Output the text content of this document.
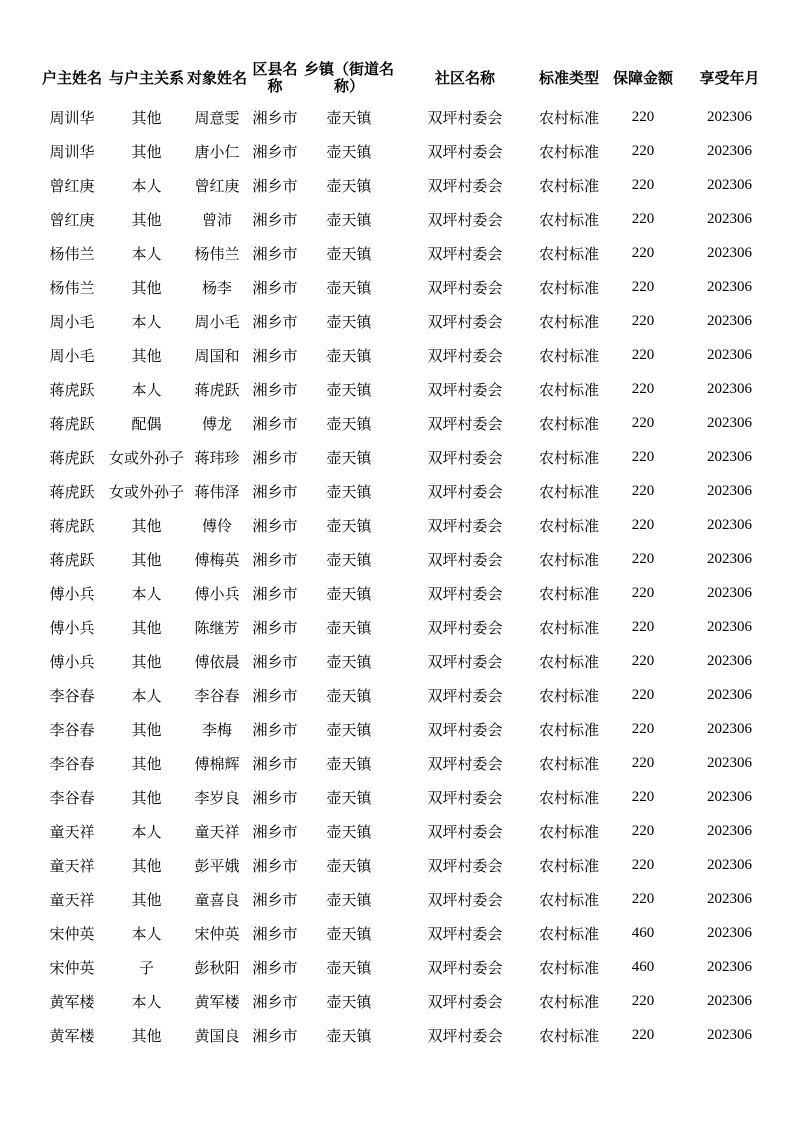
户主姓名	与户主关系	对象姓名	区县名称	乡镇（街道名称）	社区名称	标准类型	保障金额	享受年月
周训华	其他	周意雯	湘乡市	壶天镇	双坪村委会	农村标准	220	202306
周训华	其他	唐小仁	湘乡市	壶天镇	双坪村委会	农村标准	220	202306
曾红庚	本人	曾红庚	湘乡市	壶天镇	双坪村委会	农村标准	220	202306
曾红庚	其他	曾沛	湘乡市	壶天镇	双坪村委会	农村标准	220	202306
杨伟兰	本人	杨伟兰	湘乡市	壶天镇	双坪村委会	农村标准	220	202306
杨伟兰	其他	杨李	湘乡市	壶天镇	双坪村委会	农村标准	220	202306
周小毛	本人	周小毛	湘乡市	壶天镇	双坪村委会	农村标准	220	202306
周小毛	其他	周国和	湘乡市	壶天镇	双坪村委会	农村标准	220	202306
蒋虎跃	本人	蒋虎跃	湘乡市	壶天镇	双坪村委会	农村标准	220	202306
蒋虎跃	配偶	傅龙	湘乡市	壶天镇	双坪村委会	农村标准	220	202306
蒋虎跃	女或外孙子	蒋玮珍	湘乡市	壶天镇	双坪村委会	农村标准	220	202306
蒋虎跃	女或外孙子	蒋伟泽	湘乡市	壶天镇	双坪村委会	农村标准	220	202306
蒋虎跃	其他	傅伶	湘乡市	壶天镇	双坪村委会	农村标准	220	202306
蒋虎跃	其他	傅梅英	湘乡市	壶天镇	双坪村委会	农村标准	220	202306
傅小兵	本人	傅小兵	湘乡市	壶天镇	双坪村委会	农村标准	220	202306
傅小兵	其他	陈继芳	湘乡市	壶天镇	双坪村委会	农村标准	220	202306
傅小兵	其他	傅依晨	湘乡市	壶天镇	双坪村委会	农村标准	220	202306
李谷春	本人	李谷春	湘乡市	壶天镇	双坪村委会	农村标准	220	202306
李谷春	其他	李梅	湘乡市	壶天镇	双坪村委会	农村标准	220	202306
李谷春	其他	傅棉辉	湘乡市	壶天镇	双坪村委会	农村标准	220	202306
李谷春	其他	李岁良	湘乡市	壶天镇	双坪村委会	农村标准	220	202306
童天祥	本人	童天祥	湘乡市	壶天镇	双坪村委会	农村标准	220	202306
童天祥	其他	彭平娥	湘乡市	壶天镇	双坪村委会	农村标准	220	202306
童天祥	其他	童喜良	湘乡市	壶天镇	双坪村委会	农村标准	220	202306
宋仲英	本人	宋仲英	湘乡市	壶天镇	双坪村委会	农村标准	460	202306
宋仲英	子	彭秋阳	湘乡市	壶天镇	双坪村委会	农村标准	460	202306
黄军楼	本人	黄军楼	湘乡市	壶天镇	双坪村委会	农村标准	220	202306
黄军楼	其他	黄国良	湘乡市	壶天镇	双坪村委会	农村标准	220	202306
